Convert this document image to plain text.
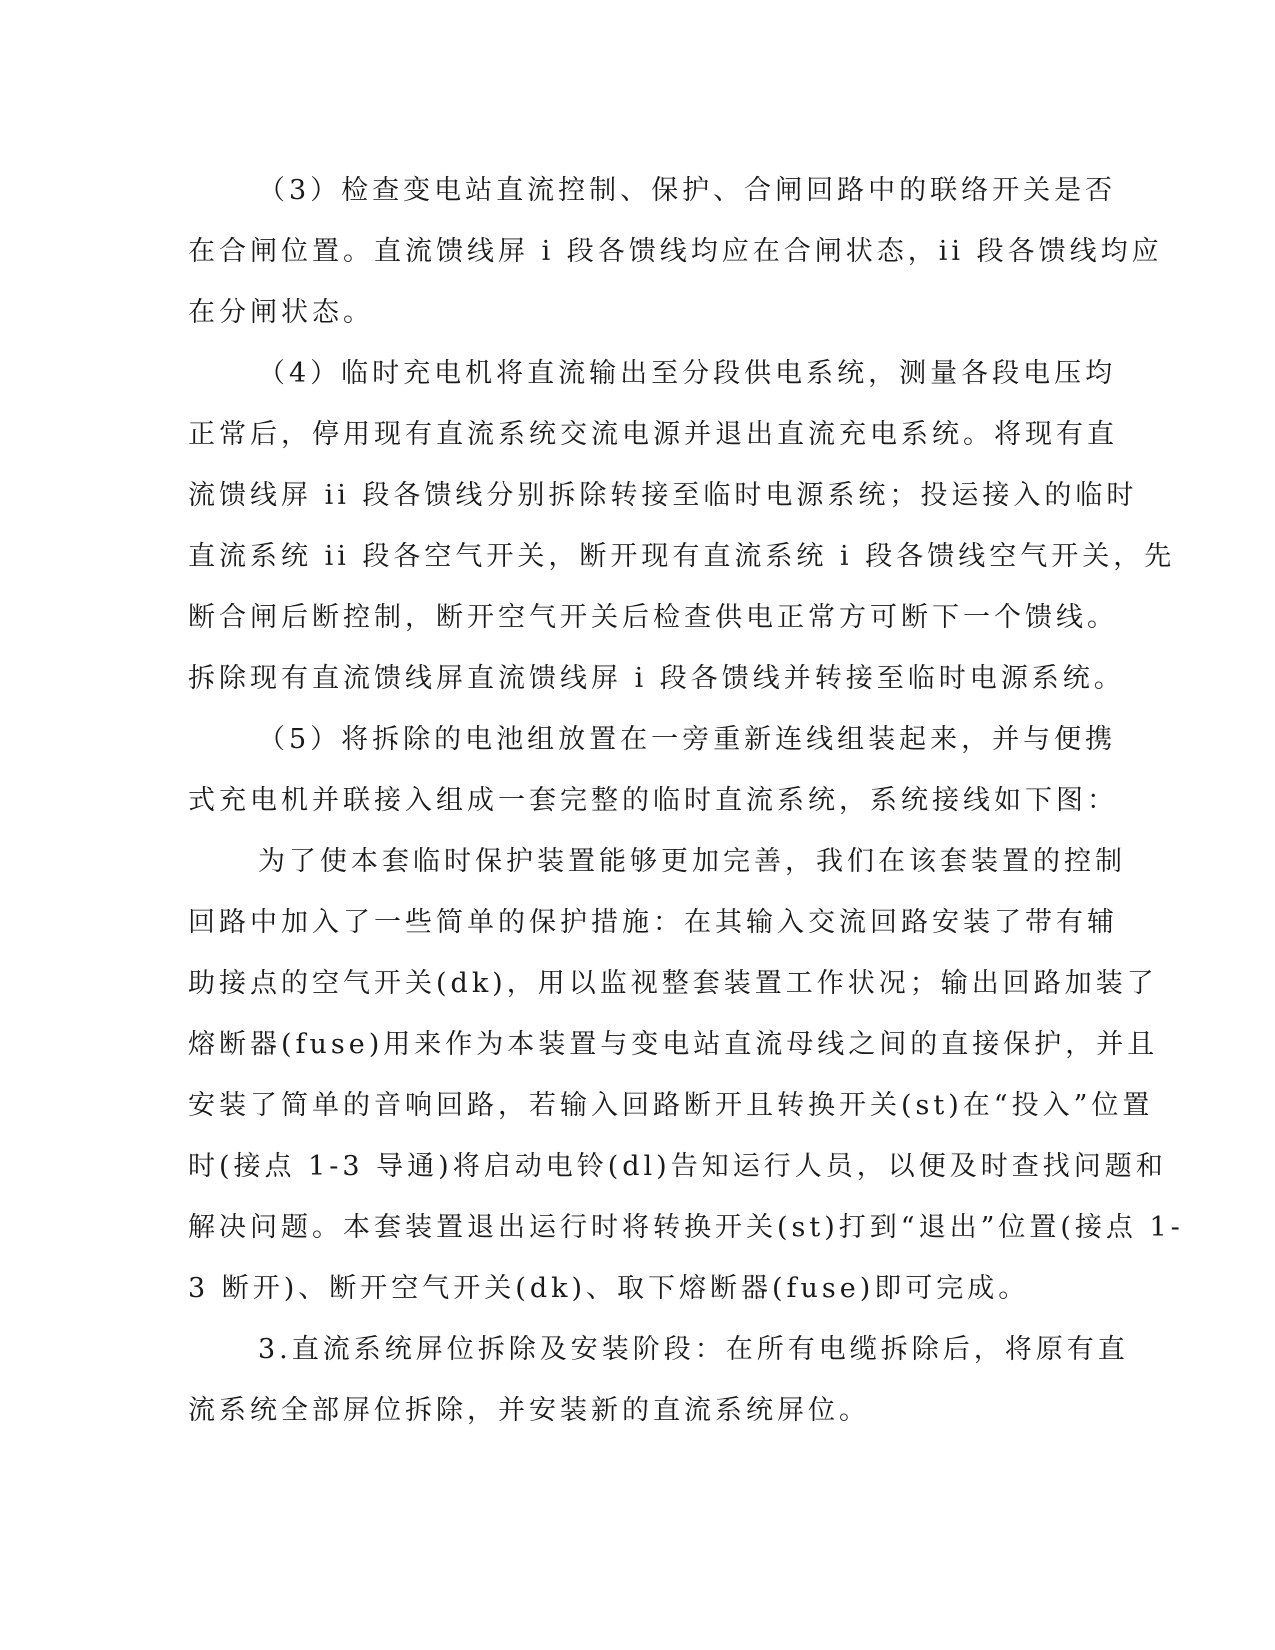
（3）检查变电站直流控制、保护、合闸回路中的联络开关是否
在合闸位置。直流馈线屏 i 段各馈线均应在合闸状态，ii 段各馈线均应
在分闸状态。
（4）临时充电机将直流输出至分段供电系统，测量各段电压均
正常后，停用现有直流系统交流电源并退出直流充电系统。将现有直
流馈线屏 ii 段各馈线分别拆除转接至临时电源系统；投运接入的临时
直流系统 ii 段各空气开关，断开现有直流系统 i 段各馈线空气开关，先
断合闸后断控制，断开空气开关后检查供电正常方可断下一个馈线。
拆除现有直流馈线屏直流馈线屏 i 段各馈线并转接至临时电源系统。
（5）将拆除的电池组放置在一旁重新连线组装起来，并与便携
式充电机并联接入组成一套完整的临时直流系统，系统接线如下图：
为了使本套临时保护装置能够更加完善，我们在该套装置的控制
回路中加入了一些简单的保护措施：在其输入交流回路安装了带有辅
助接点的空气开关(dk)，用以监视整套装置工作状况；输出回路加装了
熔断器(fuse)用来作为本装置与变电站直流母线之间的直接保护，并且
安装了简单的音响回路，若输入回路断开且转换开关(st)在“投入”位置
时(接点 1-3 导通)将启动电铃(dl)告知运行人员，以便及时查找问题和
解决问题。本套装置退出运行时将转换开关(st)打到“退出”位置(接点 1-
3 断开)、断开空气开关(dk)、取下熔断器(fuse)即可完成。
3.直流系统屏位拆除及安装阶段：在所有电缆拆除后，将原有直
流系统全部屏位拆除，并安装新的直流系统屏位。
